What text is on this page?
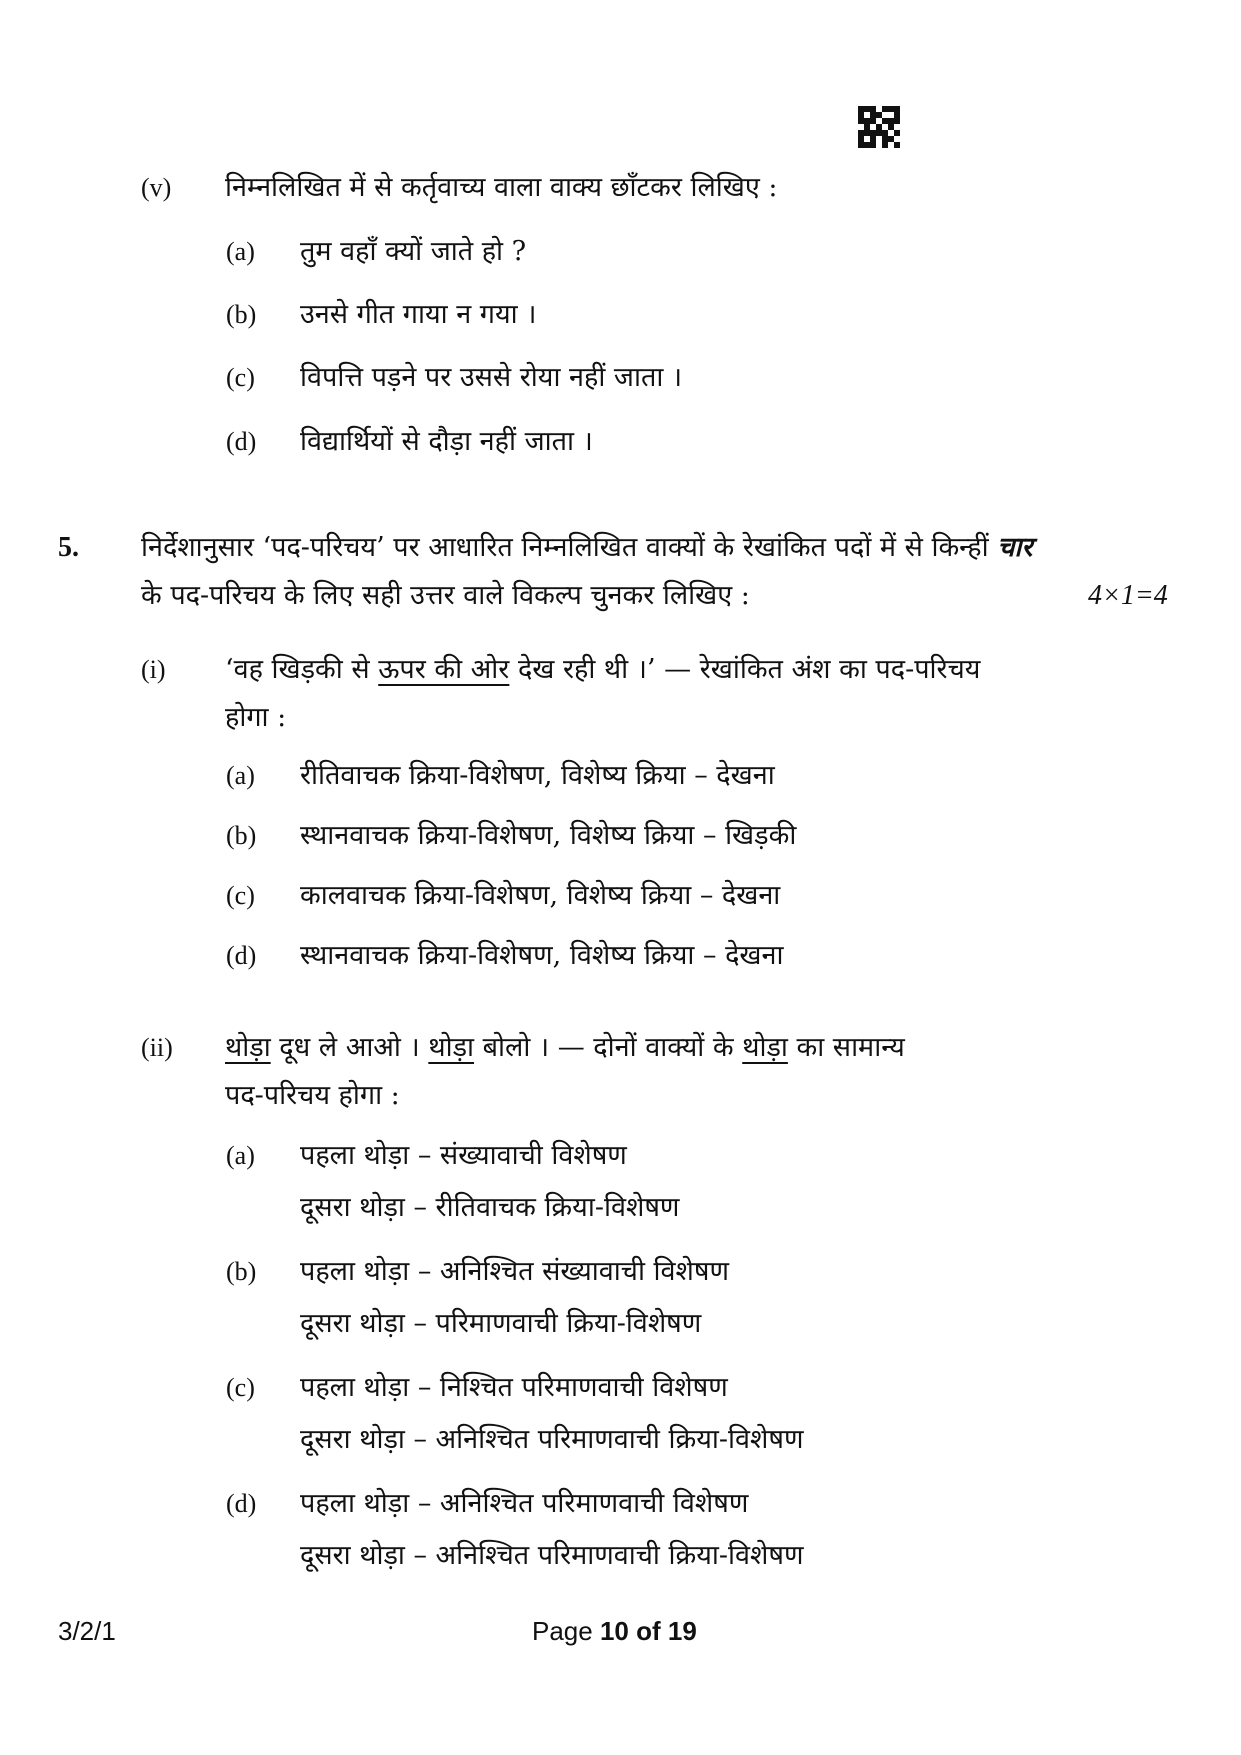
(v) निम्नलिखित में से कर्तृवाच्य वाला वाक्य छाँटकर लिखिए :
(a) तुम वहाँ क्यों जाते हो ?
(b) उनसे गीत गाया न गया ।
(c) विपत्ति पड़ने पर उससे रोया नहीं जाता ।
(d) विद्यार्थियों से दौड़ा नहीं जाता ।
5. निर्देशानुसार ‘पद-परिचय’ पर आधारित निम्नलिखित वाक्यों के रेखांकित पदों में से किन्हीं चार
के पद-परिचय के लिए सही उत्तर वाले विकल्प चुनकर लिखिए :	4×1=4
(i) ‘वह खिड़की से ऊपर की ओर देख रही थी ।’ — रेखांकित अंश का पद-परिचय
होगा :
(a) रीतिवाचक क्रिया-विशेषण, विशेष्य क्रिया – देखना
(b) स्थानवाचक क्रिया-विशेषण, विशेष्य क्रिया – खिड़की
(c) कालवाचक क्रिया-विशेषण, विशेष्य क्रिया – देखना
(d) स्थानवाचक क्रिया-विशेषण, विशेष्य क्रिया – देखना
(ii) थोड़ा दूध ले आओ । थोड़ा बोलो । — दोनों वाक्यों के थोड़ा का सामान्य
पद-परिचय होगा :
(a) पहला थोड़ा – संख्यावाची विशेषण
दूसरा थोड़ा – रीतिवाचक क्रिया-विशेषण
(b) पहला थोड़ा – अनिश्चित संख्यावाची विशेषण
दूसरा थोड़ा – परिमाणवाची क्रिया-विशेषण
(c) पहला थोड़ा – निश्चित परिमाणवाची विशेषण
दूसरा थोड़ा – अनिश्चित परिमाणवाची क्रिया-विशेषण
(d) पहला थोड़ा – अनिश्चित परिमाणवाची विशेषण
दूसरा थोड़ा – अनिश्चित परिमाणवाची क्रिया-विशेषण
3/2/1	Page 10 of 19
